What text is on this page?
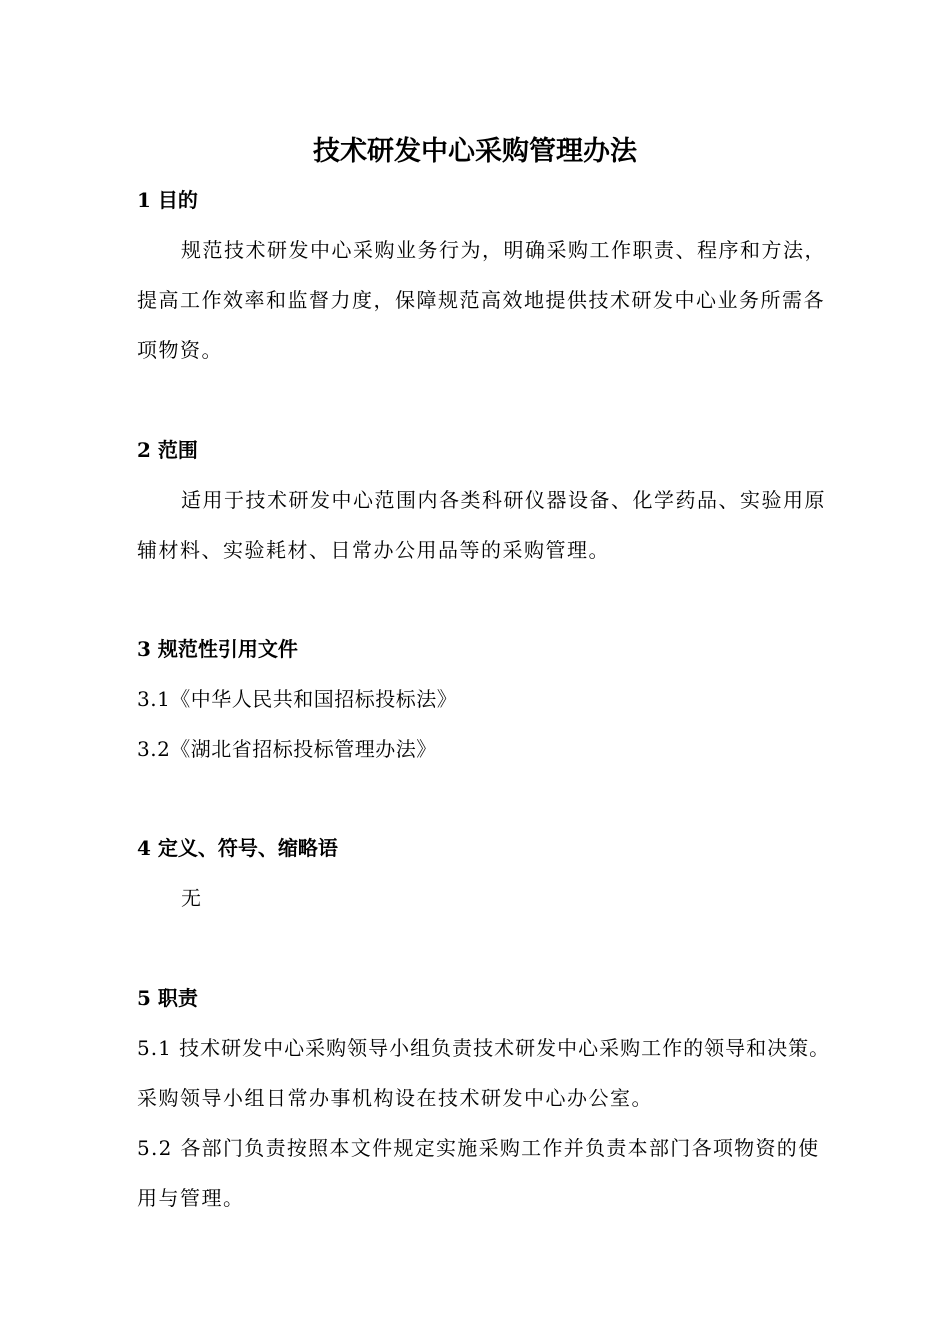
技术研发中心采购管理办法
1 目的
规范技术研发中心采购业务行为，明确采购工作职责、程序和方法，
提高工作效率和监督力度，保障规范高效地提供技术研发中心业务所需各
项物资。
2 范围
适用于技术研发中心范围内各类科研仪器设备、化学药品、实验用原
辅材料、实验耗材、日常办公用品等的采购管理。
3 规范性引用文件
3.1《中华人民共和国招标投标法》
3.2《湖北省招标投标管理办法》
4 定义、符号、缩略语
无
5 职责
5.1 技术研发中心采购领导小组负责技术研发中心采购工作的领导和决策。
采购领导小组日常办事机构设在技术研发中心办公室。
5.2 各部门负责按照本文件规定实施采购工作并负责本部门各项物资的使
用与管理。
